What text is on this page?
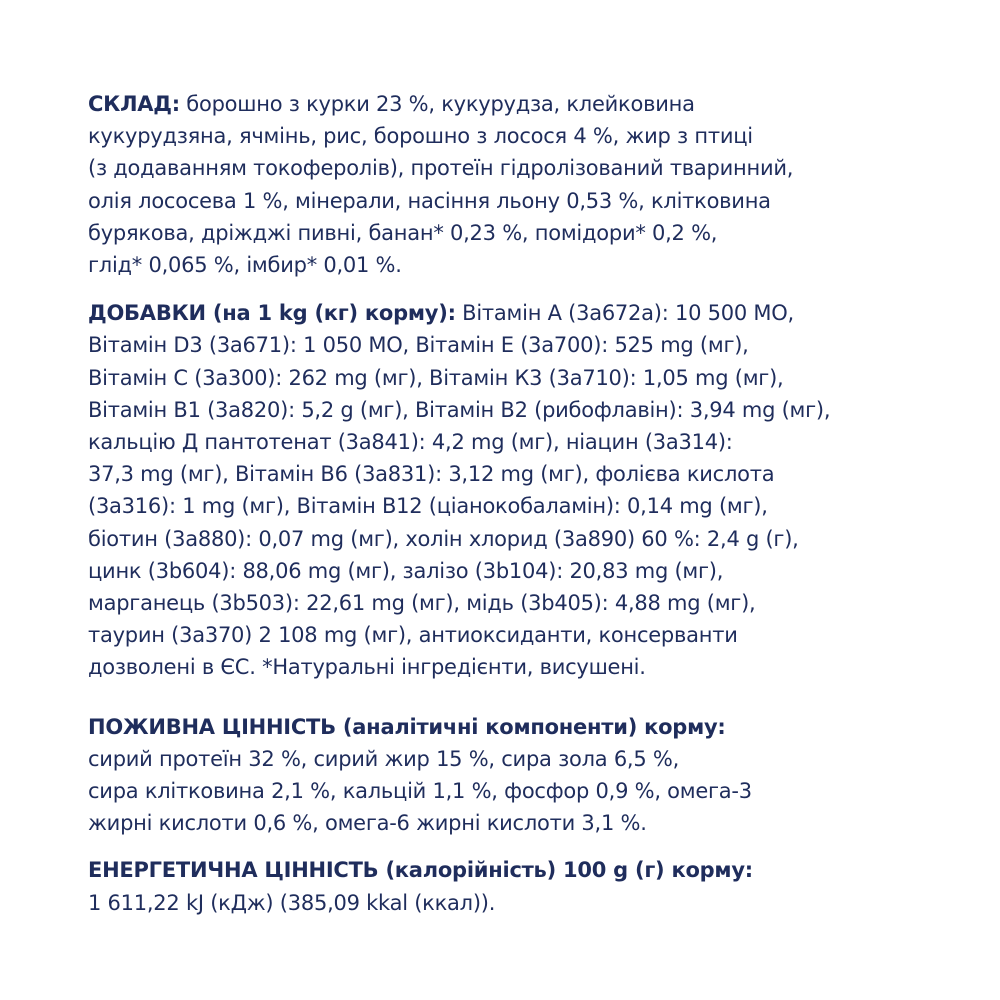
СКЛАД: борошно з курки 23 %, кукурудза, клейковина
кукурудзяна, ячмінь, рис, борошно з лосося 4 %, жир з птиці
(з додаванням токоферолів), протеїн гідролізований тваринний,
олія лососева 1 %, мінерали, насіння льону 0,53 %, клітковина
бурякова, дріжджі пивні, банан* 0,23 %, помідори* 0,2 %,
глід* 0,065 %, імбир* 0,01 %.
ДОБАВКИ (на 1 kg (кг) корму): Вітамін А (3а672а): 10 500 МО,
Вітамін D3 (3а671): 1 050 МО, Вітамін Е (3а700): 525 mg (мг),
Вітамін С (3а300): 262 mg (мг), Вітамін К3 (3а710): 1,05 mg (мг),
Вітамін В1 (3а820): 5,2 g (мг), Вітамін В2 (рибофлавін): 3,94 mg (мг),
кальцію Д пантотенат (3а841): 4,2 mg (мг), ніацин (3а314):
37,3 mg (мг), Вітамін В6 (3а831): 3,12 mg (мг), фолієва кислота
(3а316): 1 mg (мг), Вітамін В12 (ціанокобаламін): 0,14 mg (мг),
біотин (3а880): 0,07 mg (мг), холін хлорид (3а890) 60 %: 2,4 g (г),
цинк (3b604): 88,06 mg (мг), залізо (3b104): 20,83 mg (мг),
марганець (3b503): 22,61 mg (мг), мідь (3b405): 4,88 mg (мг),
таурин (3а370) 2 108 mg (мг), антиоксиданти, консерванти
дозволені в ЄС. *Натуральні інгредієнти, висушені.
ПОЖИВНА ЦІННІСТЬ (аналітичні компоненти) корму:
сирий протеїн 32 %, сирий жир 15 %, сира зола 6,5 %,
сира клітковина 2,1 %, кальцій 1,1 %, фосфор 0,9 %, омега-3
жирні кислоти 0,6 %, омега-6 жирні кислоти 3,1 %.
ЕНЕРГЕТИЧНА ЦІННІСТЬ (калорійність) 100 g (г) корму:
1 611,22 kJ (кДж) (385,09 kkal (ккал)).
